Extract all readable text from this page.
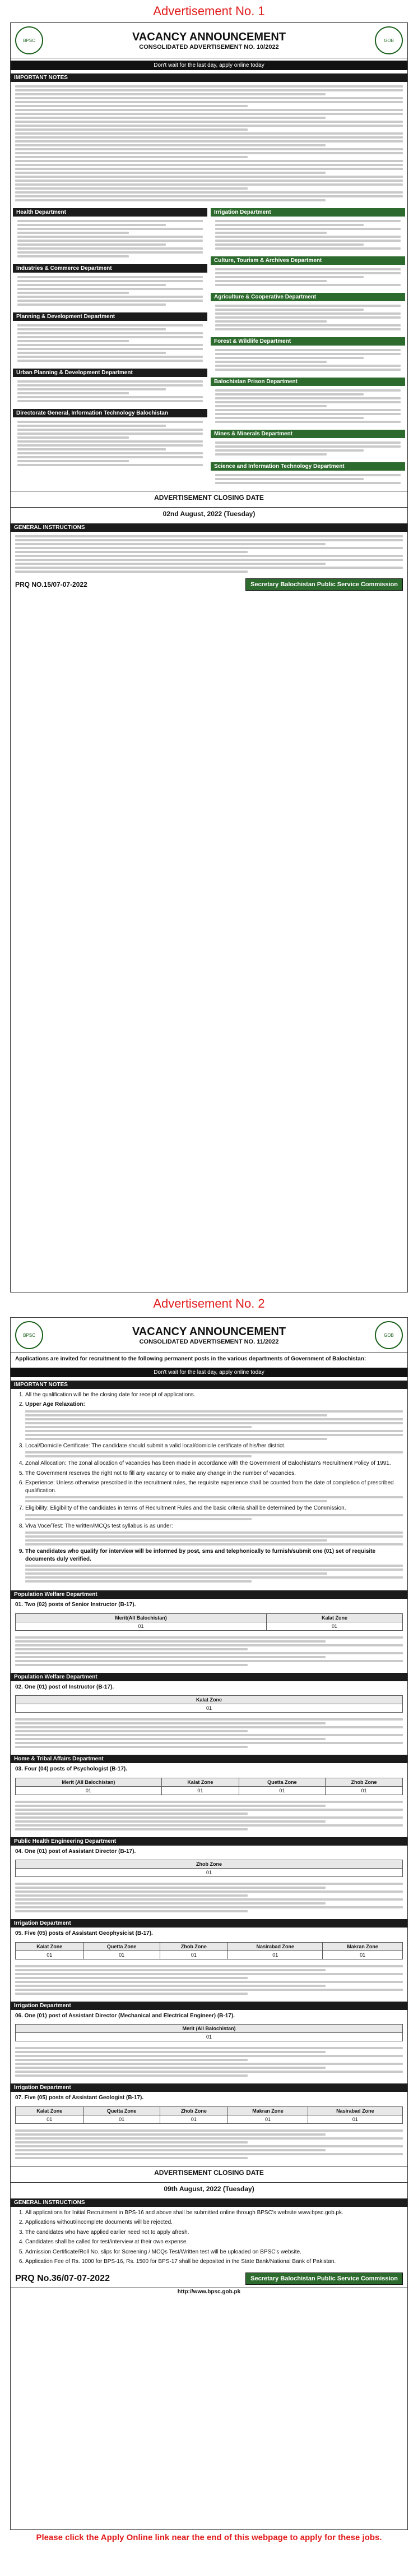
Advertisement No. 1
BPSC	VACANCY ANNOUNCEMENT
CONSOLIDATED ADVERTISEMENT NO. 10/2022
GOB
Don't wait for the last day, apply online today
IMPORTANT NOTES
Health Department
Industries & Commerce Department
Planning & Development Department
Urban Planning & Development Department
Directorate General, Information Technology Balochistan
Irrigation Department
Culture, Tourism & Archives Department
Agriculture & Cooperative Department
Forest & Wildlife Department
Balochistan Prison Department
Mines & Minerals Department
Science and Information Technology Department
ADVERTISEMENT CLOSING DATE
02nd August, 2022 (Tuesday)
GENERAL INSTRUCTIONS
PRQ NO.15/07-07-2022	Secretary Balochistan Public Service Commission
Advertisement No. 2
BPSC	VACANCY ANNOUNCEMENT
CONSOLIDATED ADVERTISEMENT NO. 11/2022
GOB
Applications are invited for recruitment to the following permanent posts in the various departments of Government of Balochistan:
Don't wait for the last day, apply online today
IMPORTANT NOTES
1. All the qualification will be the closing date for receipt of applications.
2. Upper Age Relaxation:
3. Local/Domicile Certificate: The candidate should submit a valid local/domicile certificate of his/her district.
4. Zonal Allocation: The zonal allocation of vacancies has been made in accordance with the Government of Balochistan's Recruitment Policy of 1991.
5. The Government reserves the right not to fill any vacancy or to make any change in the number of vacancies.
6. Experience: Unless otherwise prescribed in the recruitment rules, the requisite experience shall be counted from the date of completion of prescribed qualification.
7. Eligibility: Eligibility of the candidates in terms of Recruitment Rules and the basic criteria shall be determined by the Commission.
8. Viva Voce/Test: The written/MCQs test syllabus is as under:
9. The candidates who qualify for interview will be informed by post, sms and telephonically to furnish/submit one (01) set of requisite documents duly verified.
Population Welfare Department
01. Two (02) posts of Senior Instructor (B-17).
Merit(All Balochistan)	Kalat Zone
01	01
Population Welfare Department
02. One (01) post of Instructor (B-17).
Kalat Zone
01
Home & Tribal Affairs Department
03. Four (04) posts of Psychologist (B-17).
Merit (All Balochistan)	Kalat Zone	Quetta Zone	Zhob Zone
01	01	01	01
Public Health Engineering Department
04. One (01) post of Assistant Director (B-17).
Zhob Zone
01
Irrigation Department
05. Five (05) posts of Assistant Geophysicist (B-17).
Kalat Zone	Quetta Zone	Zhob Zone	Nasirabad Zone	Makran Zone
01	01	01	01	01
Irrigation Department
06. One (01) post of Assistant Director (Mechanical and Electrical Engineer) (B-17).
Merit (All Balochistan)
01
Irrigation Department
07. Five (05) posts of Assistant Geologist (B-17).
Kalat Zone	Quetta Zone	Zhob Zone	Makran Zone	Nasirabad Zone
01	01	01	01	01
ADVERTISEMENT CLOSING DATE
09th August, 2022 (Tuesday)
GENERAL INSTRUCTIONS
1. All applications for Initial Recruitment in BPS-16 and above shall be submitted online through BPSC's website www.bpsc.gob.pk.
2. Applications without/incomplete documents will be rejected.
3. The candidates who have applied earlier need not to apply afresh.
4. Candidates shall be called for test/interview at their own expense.
5. Admission Certificate/Roll No. slips for Screening / MCQs Test/Written test will be uploaded on BPSC's website.
6. Application Fee of Rs. 1000 for BPS-16, Rs. 1500 for BPS-17 shall be deposited in the State Bank/National Bank of Pakistan.
PRQ No.36/07-07-2022	Secretary Balochistan Public Service Commission
http://www.bpsc.gob.pk
Please click the Apply Online link near the end of this webpage to apply for these jobs.
